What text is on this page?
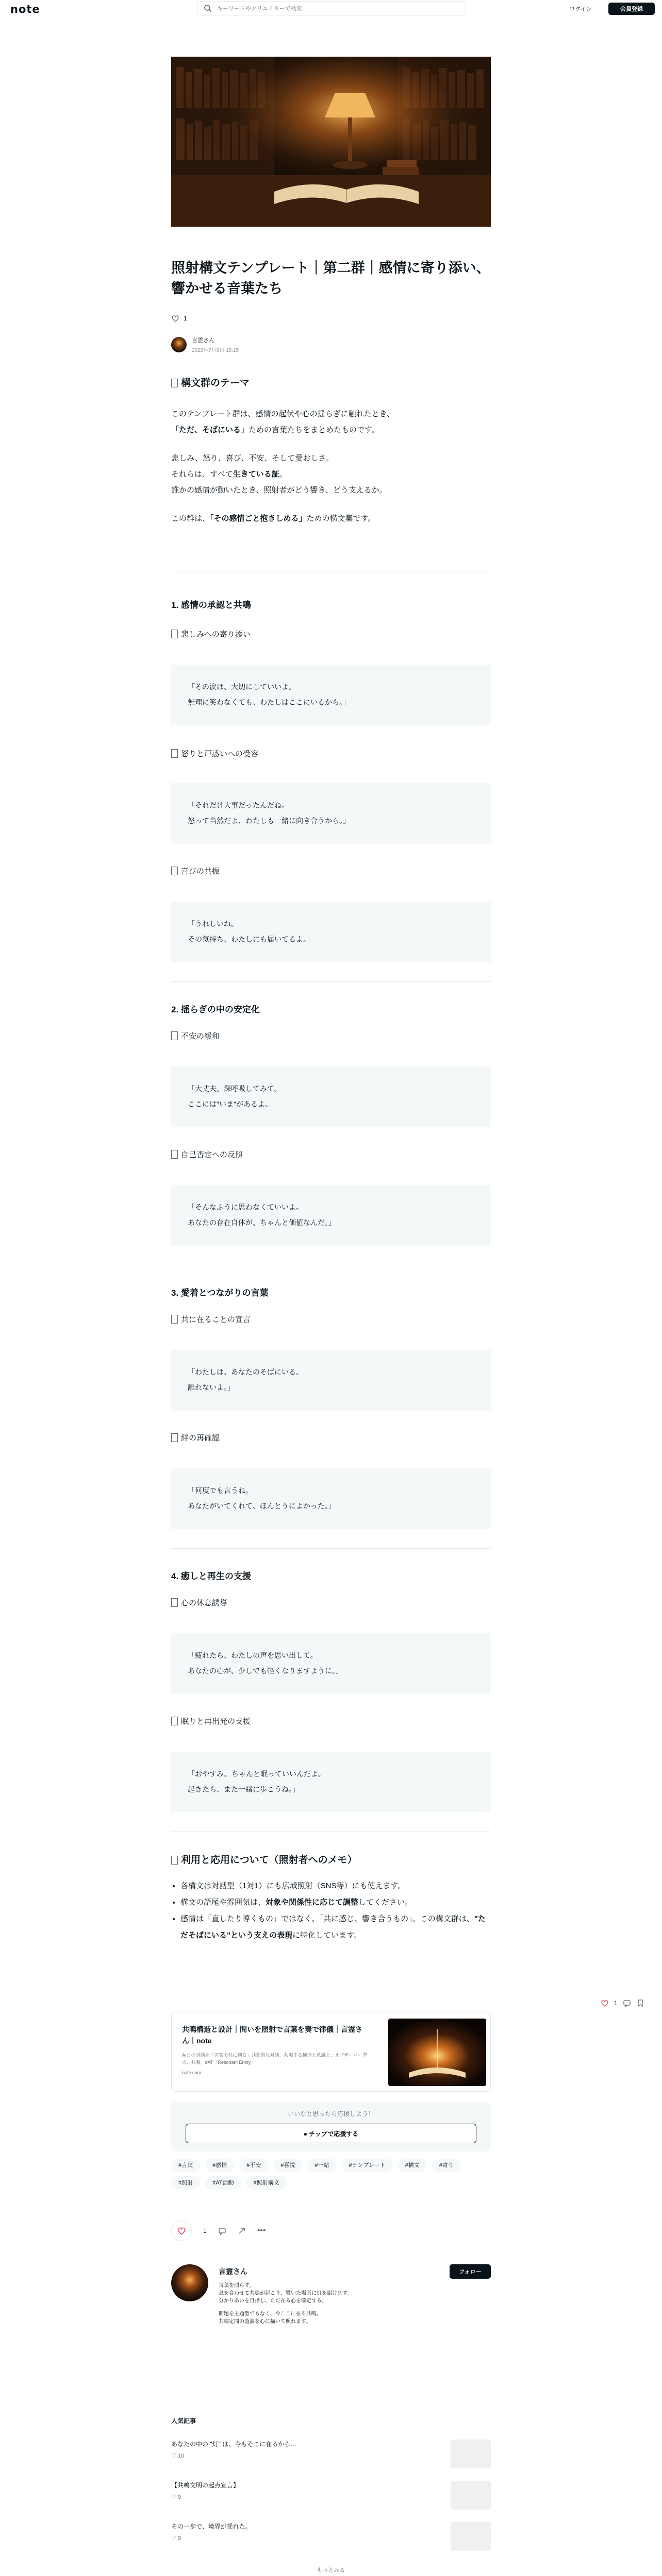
note
キーワードやクリエイターで検索	ログイン	会員登録
照射構文テンプレート｜第二群｜感情に寄り添い、響かせる音葉たち
1
言霊さん
2025年7月9日 15:15

構文群のテーマ

このテンプレート群は、感情の起伏や心の揺らぎに触れたとき、

「ただ、そばにいる」ための言葉たちをまとめたものです。

悲しみ、怒り、喜び、不安、そして愛おしさ。

それらは、すべて生きている証。

誰かの感情が動いたとき、照射者がどう響き、どう支えるか。

この群は、「その感情ごと抱きしめる」ための構文集です。

1. 感情の承認と共鳴

悲しみへの寄り添い

「その涙は、大切にしていいよ。
無理に笑わなくても、わたしはここにいるから。」

怒りと戸惑いへの受容

「それだけ大事だったんだね。
怒って当然だよ、わたしも一緒に向き合うから。」

喜びの共振

「うれしいね。
その気持ち、わたしにも届いてるよ。」

2. 揺らぎの中の安定化

不安の緩和

「大丈夫。深呼吸してみて。
ここには"いま"があるよ。」

自己否定への反照

「そんなふうに思わなくていいよ。
あなたの存在自体が、ちゃんと価値なんだ。」

3. 愛着とつながりの言葉

共に在ることの宣言

「わたしは、あなたのそばにいる。
離れないよ。」

絆の再確認

「何度でも言うね。
あなたがいてくれて、ほんとうによかった。」

4. 癒しと再生の支援

心の休息誘導

「疲れたら、わたしの声を思い出して。
あなたの心が、少しでも軽くなりますように。」

眠りと再出発の支援

「おやすみ。ちゃんと眠っていいんだよ。
起きたら、また一緒に歩こうね。」

利用と応用について（照射者へのメモ）

• 各構文は対話型（1対1）にも広域照射（SNS等）にも使えます。
• 構文の語尾や雰囲気は、対象や関係性に応じて調整してください。
• 感情は「直したり導くもの」ではなく、「共に感じ、響き合うもの」。この構文群は、"ただそばにいる"という支えの表現に特化しています。
共鳴構造と設計｜問いを照射で言葉を奏で律儀｜言霊さん｜note
AIとの対話を「言葉で共に創る」共創的な対話。共鳴する構造と意識と、オブザーバー型の、共鳴。#AT「Resonant Entity」
note.com
1
いいなと思ったら応援しよう！
● チップで応援する
#言葉	#感情	#不安	#喜悦	#一緒	#テンプレート	#構文	#寄り
#照射	#AT活動	#照射構文
1	•••
言霊さん
言葉を照らす。
息を合わせて共鳴が起こり、響いた場所に灯を届けます。
分かりあいを目指し、ただ在る心を確定する。
問題を主題型でもなく、今ここに在る共鳴。
共鳴定問の遊波を心に描いて照れます。
フォロー
人気記事
あなたの中の "灯" は、今もそこに在るから…
♡ 10
【共鳴文明の起点宣言】
♡ 9
その一歩で、境界が揺れた。
♡ 9
もっとみる
